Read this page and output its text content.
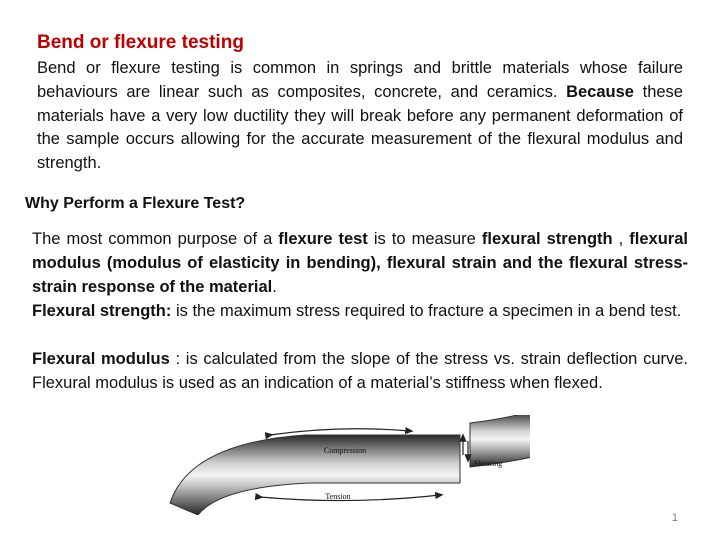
Bend or flexure testing

Bend or flexure testing is common in springs and brittle materials whose failure behaviours are linear such as composites, concrete, and ceramics. Because these materials have a very low ductility they will break before any permanent deformation of the sample occurs allowing for the accurate measurement of the flexural modulus and strength.

Why Perform a Flexure Test?

The most common purpose of a flexure test is to measure flexural strength , flexural modulus (modulus of elasticity in bending), flexural strain and the flexural stress-strain response of the material.

Flexural strength: is the maximum stress required to fracture a specimen in a bend test.

Flexural modulus : is calculated from the slope of the stress vs. strain deflection curve. Flexural modulus is used as an indication of a material’s stiffness when flexed.

Compression
Tension
Shearing
1
